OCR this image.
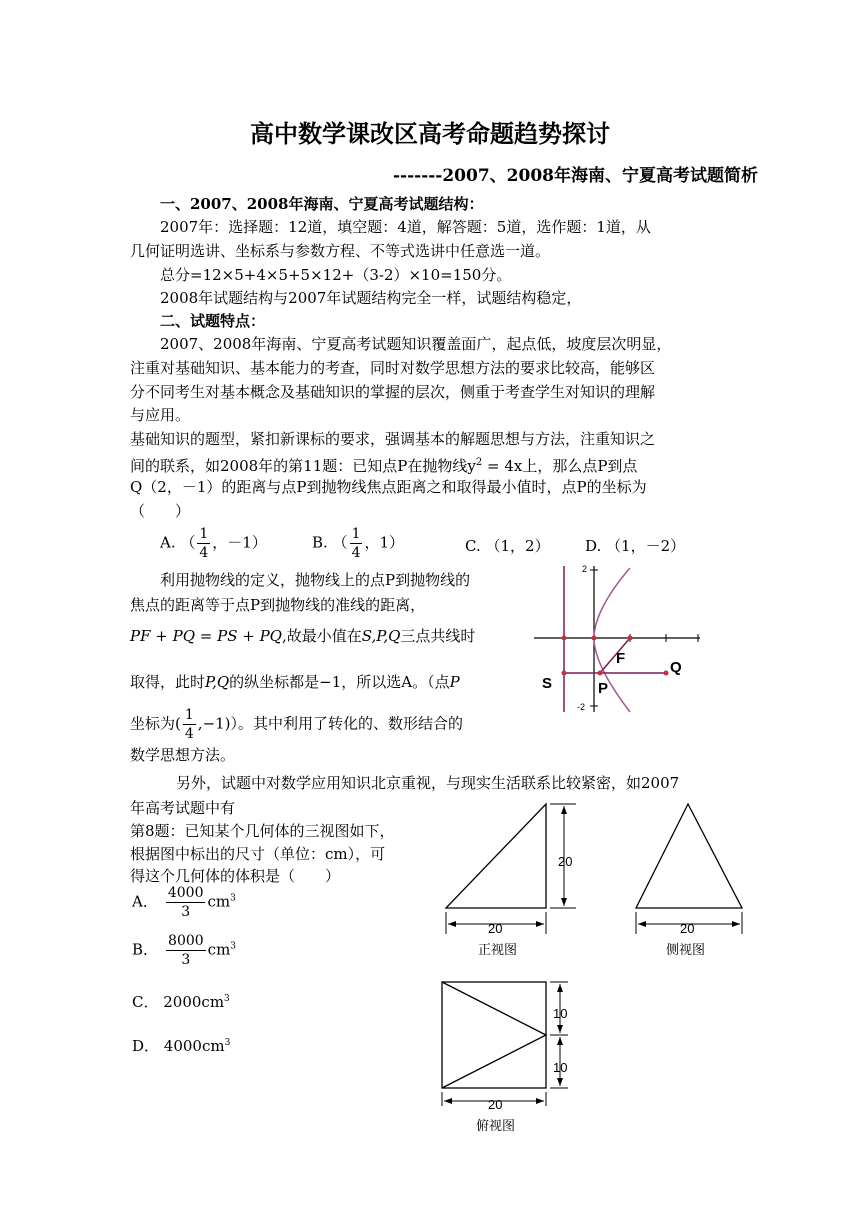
高中数学课改区高考命题趋势探讨
-------2007、2008年海南、宁夏高考试题简析
一、2007、2008年海南、宁夏高考试题结构：
2007年：选择题：12道，填空题：4道，解答题：5道，选作题：1道，从
几何证明选讲、坐标系与参数方程、不等式选讲中任意选一道。
总分=12×5+4×5+5×12+（3-2）×10=150分。
2008年试题结构与2007年试题结构完全一样，试题结构稳定，
二、试题特点：
2007、2008年海南、宁夏高考试题知识覆盖面广，起点低，坡度层次明显，
注重对基础知识、基本能力的考查，同时对数学思想方法的要求比较高，能够区
分不同考生对基本概念及基础知识的掌握的层次，侧重于考查学生对知识的理解
与应用。
基础知识的题型，紧扣新课标的要求，强调基本的解题思想与方法，注重知识之
间的联系，如2008年的第11题：已知点P在抛物线$y^2 = 4x$上，那么点P到点
Q（2，－1）的距离与点P到抛物线焦点距离之和取得最小值时，点P的坐标为
（　　）
A. （ $\frac{1}{4}$ ，－1）	B. （ $\frac{1}{4}$ ，1）	C. （1，2） D. （1，－2）
利用抛物线的定义，抛物线上的点P到抛物线的
焦点的距离等于点P到抛物线的准线的距离，
PF + PQ = PS + PQ,故最小值在S,P,Q三点共线时
取得，此时P,Q的纵坐标都是−1，所以选A。（点P
坐标为( $\frac{1}{4} ,-1$)）。其中利用了转化的、数形结合的
数学思想方法。
2
-2
F
Q
S	P
另外，试题中对数学应用知识北京重视，与现实生活联系比较紧密，如2007
年高考试题中有
第8题：已知某个几何体的三视图如下，
根据图中标出的尺寸（单位：cm），可
得这个几何体的体积是（　　）
A． $\frac{4000}{3} cm^3$
B． $\frac{8000}{3} cm^3$
C． $2000cm^3$
D． $4000cm^3$
20
20
正视图
20
侧视图
10
10
20
俯视图
